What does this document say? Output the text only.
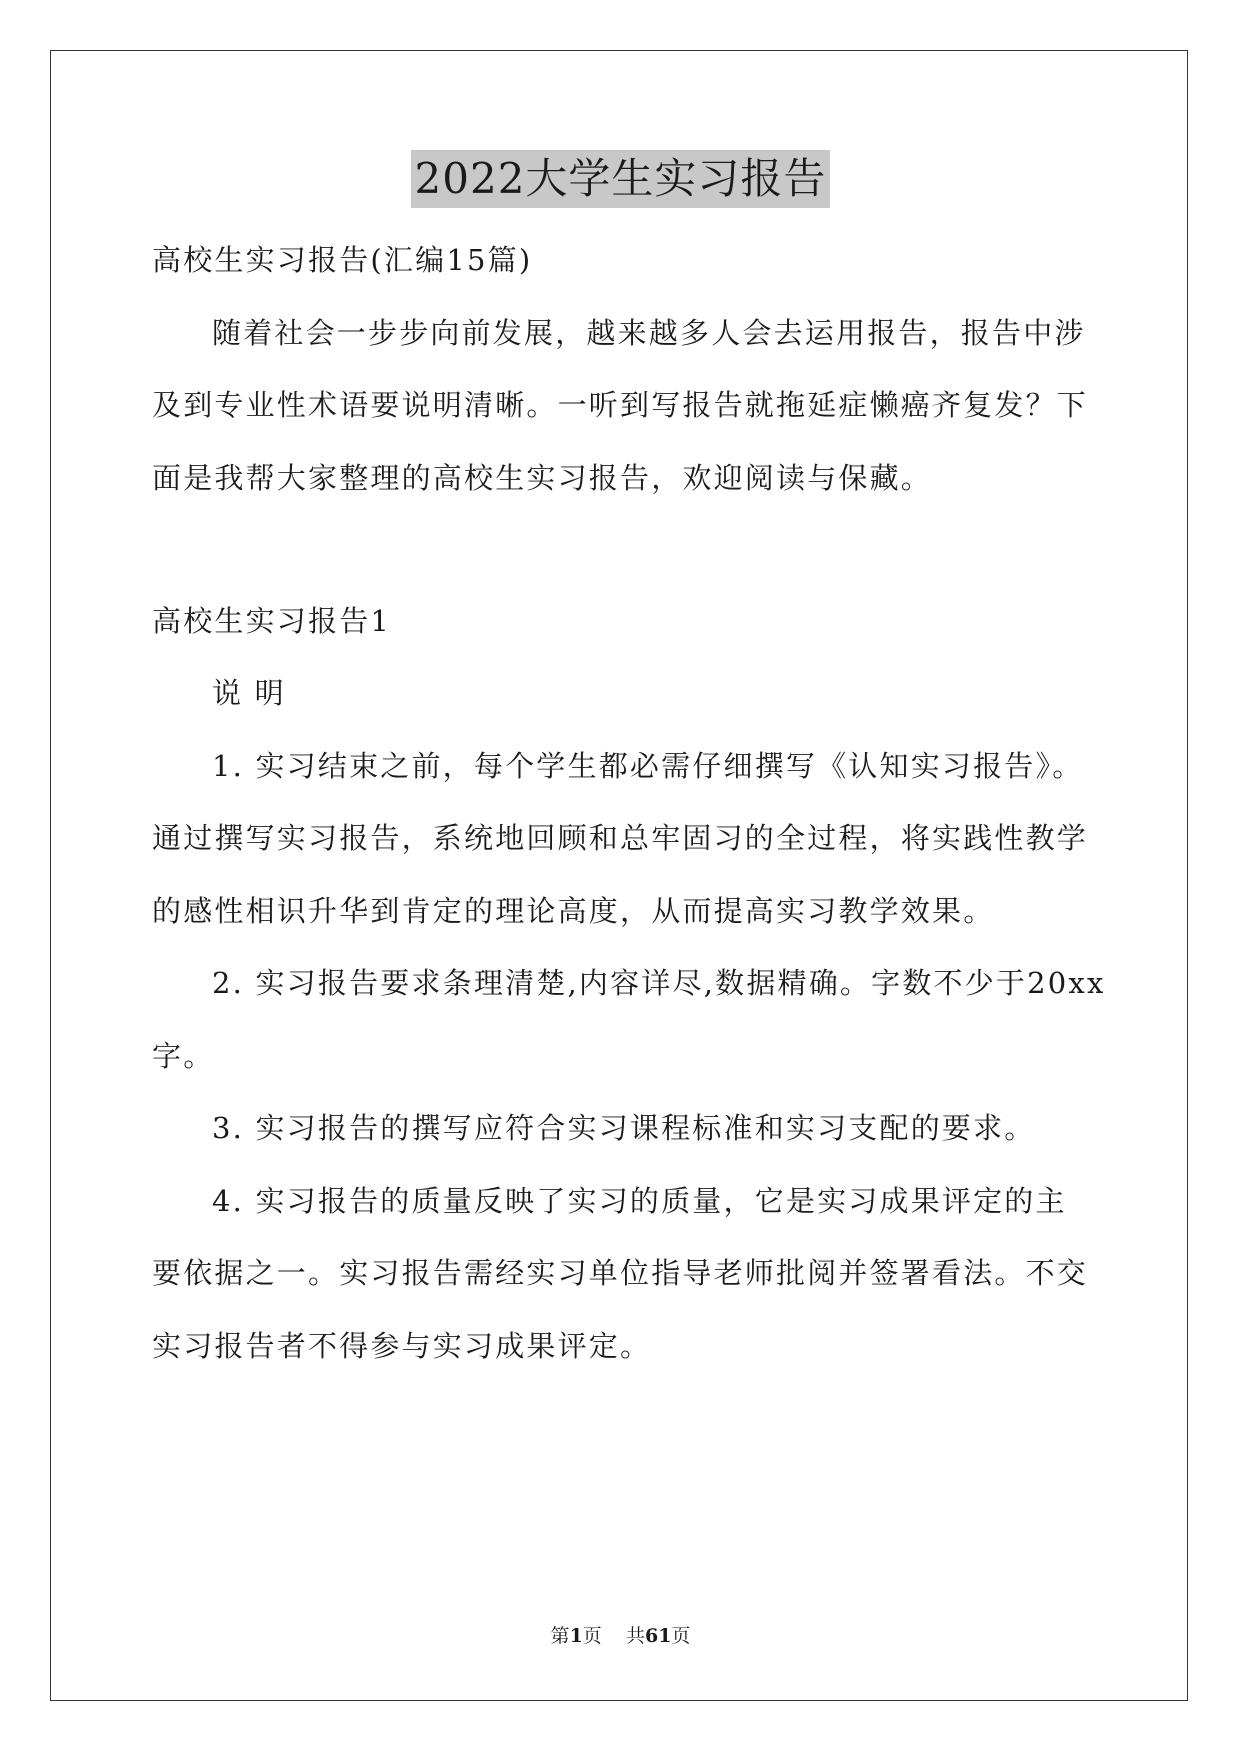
2022大学生实习报告
高校生实习报告(汇编15篇)
随着社会一步步向前发展，越来越多人会去运用报告，报告中涉
及到专业性术语要说明清晰。一听到写报告就拖延症懒癌齐复发？下
面是我帮大家整理的高校生实习报告，欢迎阅读与保藏。
高校生实习报告1
说 明
1. 实习结束之前，每个学生都必需仔细撰写《认知实习报告》。
通过撰写实习报告，系统地回顾和总牢固习的全过程，将实践性教学
的感性相识升华到肯定的理论高度，从而提高实习教学效果。
2. 实习报告要求条理清楚,内容详尽,数据精确。字数不少于20xx
字。
3. 实习报告的撰写应符合实习课程标准和实习支配的要求。
4. 实习报告的质量反映了实习的质量，它是实习成果评定的主
要依据之一。实习报告需经实习单位指导老师批阅并签署看法。不交
实习报告者不得参与实习成果评定。
第1页    共61页
